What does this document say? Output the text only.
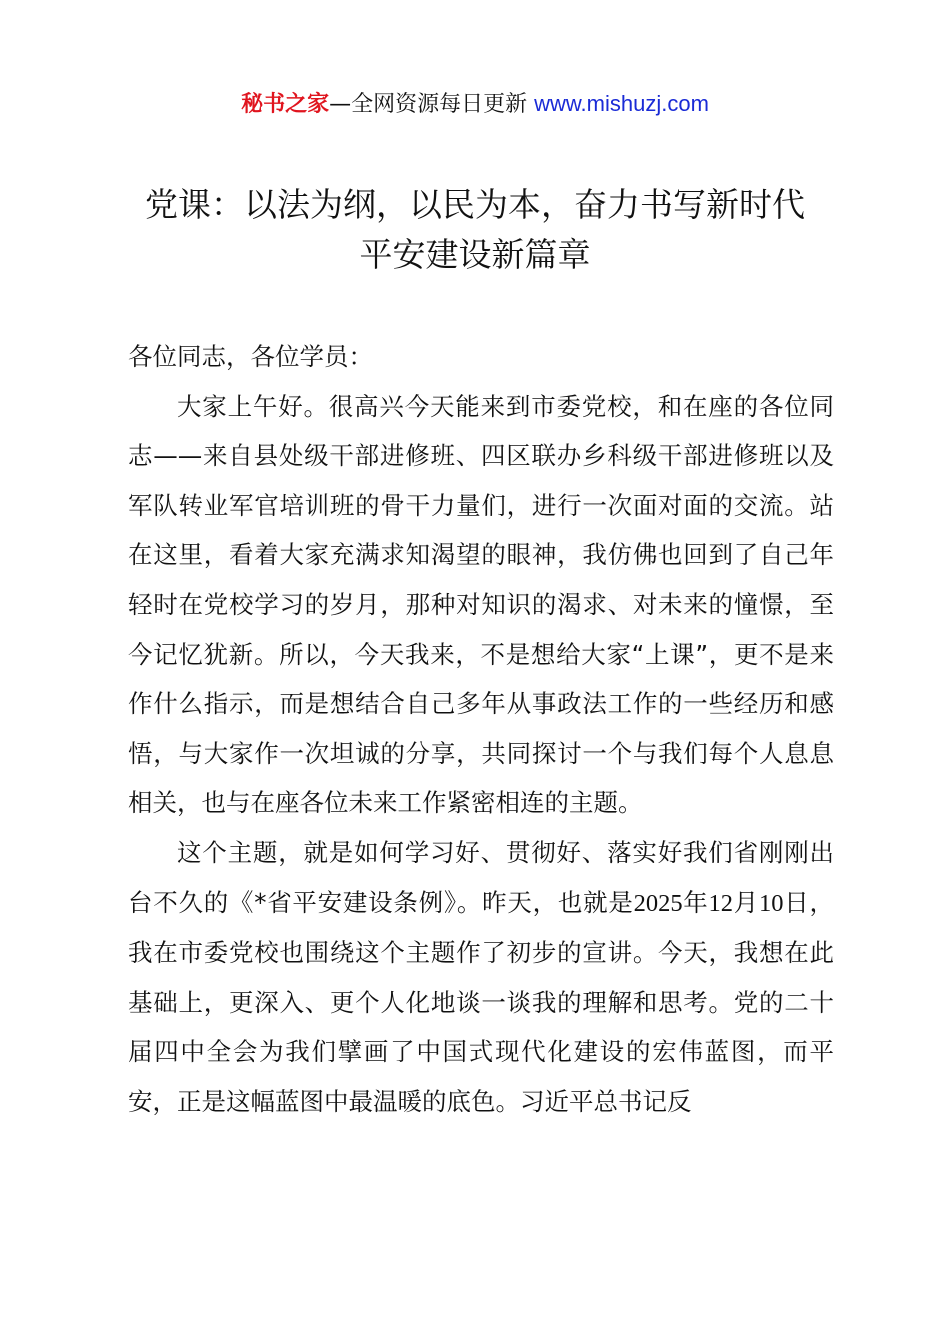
秘书之家—全网资源每日更新 www.mishuzj.com
党课：以法为纲，以民为本，奋力书写新时代
平安建设新篇章

各位同志，各位学员：

大家上午好。很高兴今天能来到市委党校，和在座的各位同志——来自县处级干部进修班、四区联办乡科级干部进修班以及军队转业军官培训班的骨干力量们，进行一次面对面的交流。站在这里，看着大家充满求知渴望的眼神，我仿佛也回到了自己年轻时在党校学习的岁月，那种对知识的渴求、对未来的憧憬，至今记忆犹新。所以，今天我来，不是想给大家“上课”，更不是来作什么指示，而是想结合自己多年从事政法工作的一些经历和感悟，与大家作一次坦诚的分享，共同探讨一个与我们每个人息息相关，也与在座各位未来工作紧密相连的主题。

这个主题，就是如何学习好、贯彻好、落实好我们省刚刚出台不久的《*省平安建设条例》。昨天，也就是2025年12月10日，我在市委党校也围绕这个主题作了初步的宣讲。今天，我想在此基础上，更深入、更个人化地谈一谈我的理解和思考。党的二十届四中全会为我们擘画了中国式现代化建设的宏伟蓝图，而平安，正是这幅蓝图中最温暖的底色。习近平总书记反
